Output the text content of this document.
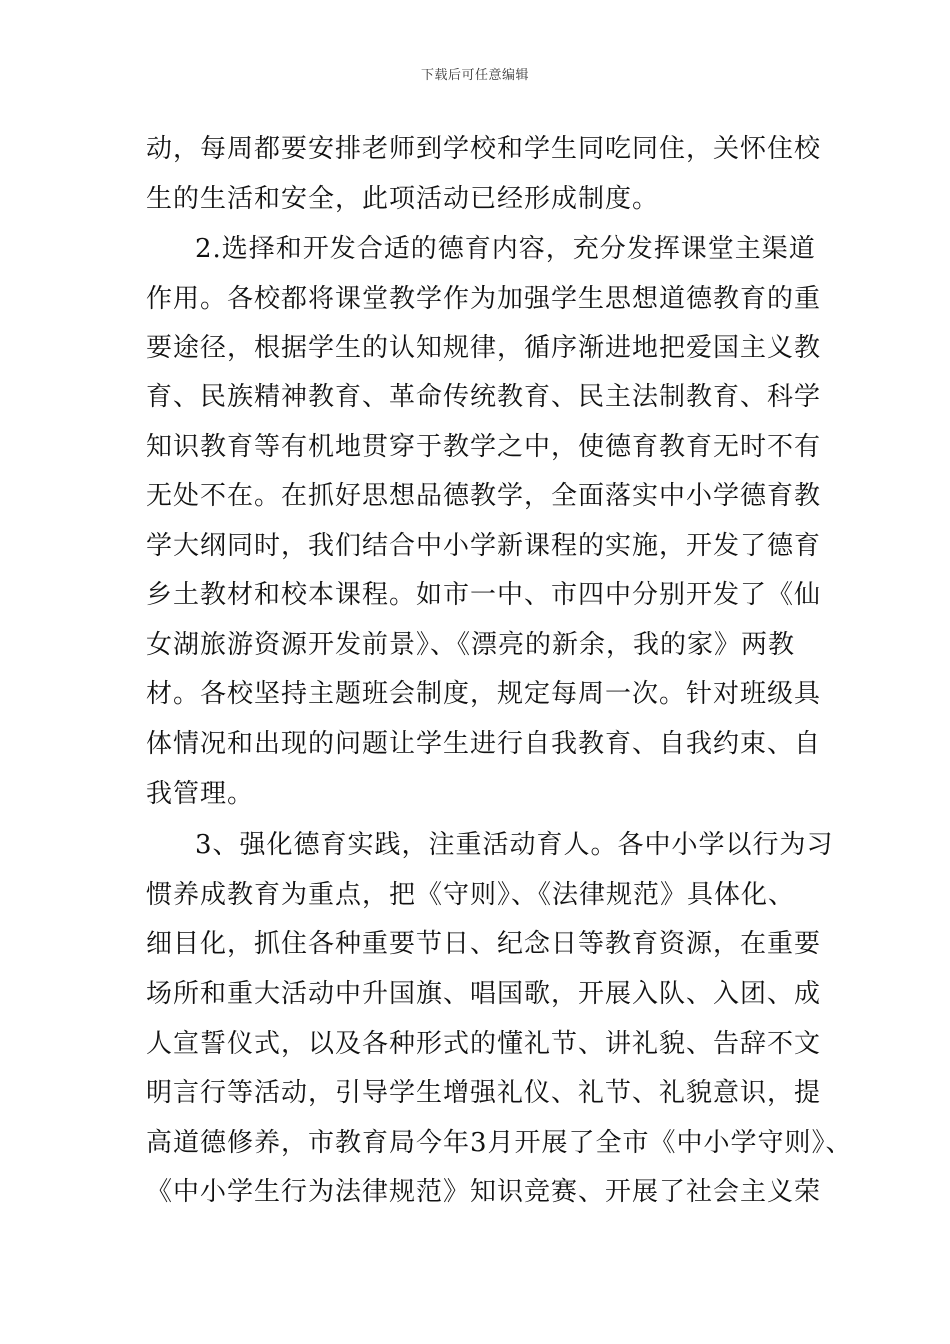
下载后可任意编辑
动，每周都要安排老师到学校和学生同吃同住，关怀住校
生的生活和安全，此项活动已经形成制度。
2.选择和开发合适的德育内容，充分发挥课堂主渠道
作用。各校都将课堂教学作为加强学生思想道德教育的重
要途径，根据学生的认知规律，循序渐进地把爱国主义教
育、民族精神教育、革命传统教育、民主法制教育、科学
知识教育等有机地贯穿于教学之中，使德育教育无时不有
无处不在。在抓好思想品德教学，全面落实中小学德育教
学大纲同时，我们结合中小学新课程的实施，开发了德育
乡土教材和校本课程。如市一中、市四中分别开发了《仙
女湖旅游资源开发前景》、《漂亮的新余，我的家》两教
材。各校坚持主题班会制度，规定每周一次。针对班级具
体情况和出现的问题让学生进行自我教育、自我约束、自
我管理。
3、强化德育实践，注重活动育人。各中小学以行为习
惯养成教育为重点，把《守则》、《法律规范》具体化、
细目化，抓住各种重要节日、纪念日等教育资源，在重要
场所和重大活动中升国旗、唱国歌，开展入队、入团、成
人宣誓仪式，以及各种形式的懂礼节、讲礼貌、告辞不文
明言行等活动，引导学生增强礼仪、礼节、礼貌意识，提
高道德修养，市教育局今年3月开展了全市《中小学守则》、
《中小学生行为法律规范》知识竞赛、开展了社会主义荣
